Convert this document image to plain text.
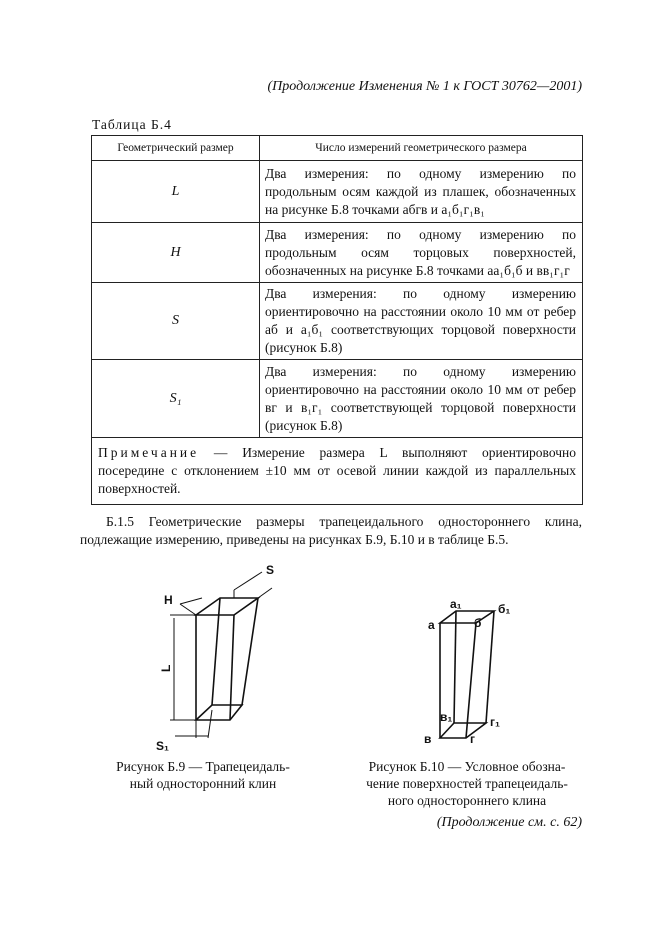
(Продолжение Изменения № 1 к ГОСТ 30762—2001)
Таблица Б.4
Геометрический размер	Число измерений геометрического размера
L	Два измерения: по одному измерению по продольным осям каждой из плашек, обозначенных на рисунке Б.8 точками абгв и а₁б₁г₁в₁
H	Два измерения: по одному измерению по продольным осям торцовых поверхностей, обозначенных на рисунке Б.8 точками аа₁б₁б и вв₁г₁г
S	Два измерения: по одному измерению ориентировочно на расстоянии около 10 мм от ребер аб и а₁б₁ соответствующих торцовой поверхности (рисунок Б.8)
S₁	Два измерения: по одному измерению ориентировочно на расстоянии около 10 мм от ребер вг и в₁г₁ соответствующей торцовой поверхности (рисунок Б.8)
Примечание — Измерение размера L выполняют ориентировочно посередине с отклонением ±10 мм от осевой линии каждой из параллельных поверхностей.	
Б.1.5 Геометрические размеры трапецеидального одностороннего клина, подлежащие измерению, приведены на рисунках Б.9, Б.10 и в таблице Б.5.
H
S
L
S₁
а
а₁
б
б₁
в
в₁
г
г₁
Рисунок Б.9 — Трапецеидаль-
ный односторонний клин
Рисунок Б.10 — Условное обозна-
чение поверхностей трапецеидаль-
ного одностороннего клина
(Продолжение см. с. 62)
